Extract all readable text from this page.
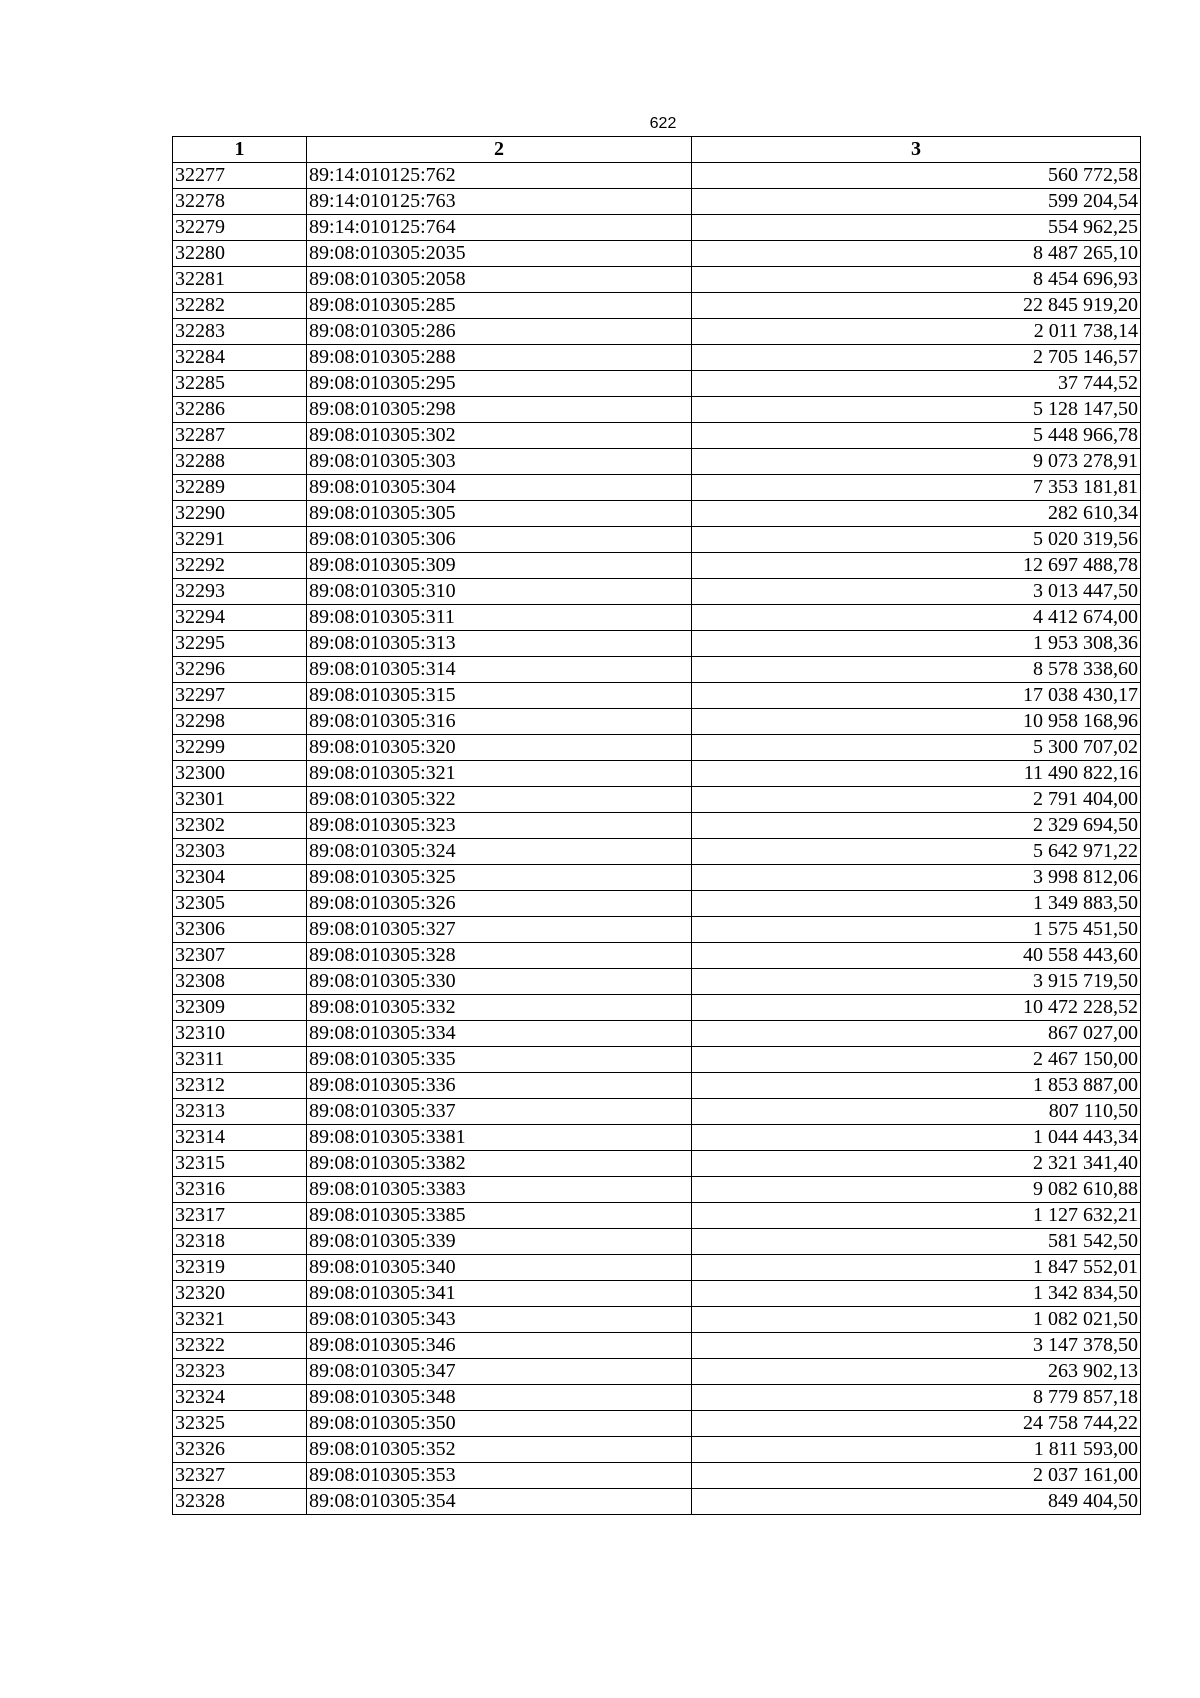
622
1	2	3
32277	89:14:010125:762	560 772,58
32278	89:14:010125:763	599 204,54
32279	89:14:010125:764	554 962,25
32280	89:08:010305:2035	8 487 265,10
32281	89:08:010305:2058	8 454 696,93
32282	89:08:010305:285	22 845 919,20
32283	89:08:010305:286	2 011 738,14
32284	89:08:010305:288	2 705 146,57
32285	89:08:010305:295	37 744,52
32286	89:08:010305:298	5 128 147,50
32287	89:08:010305:302	5 448 966,78
32288	89:08:010305:303	9 073 278,91
32289	89:08:010305:304	7 353 181,81
32290	89:08:010305:305	282 610,34
32291	89:08:010305:306	5 020 319,56
32292	89:08:010305:309	12 697 488,78
32293	89:08:010305:310	3 013 447,50
32294	89:08:010305:311	4 412 674,00
32295	89:08:010305:313	1 953 308,36
32296	89:08:010305:314	8 578 338,60
32297	89:08:010305:315	17 038 430,17
32298	89:08:010305:316	10 958 168,96
32299	89:08:010305:320	5 300 707,02
32300	89:08:010305:321	11 490 822,16
32301	89:08:010305:322	2 791 404,00
32302	89:08:010305:323	2 329 694,50
32303	89:08:010305:324	5 642 971,22
32304	89:08:010305:325	3 998 812,06
32305	89:08:010305:326	1 349 883,50
32306	89:08:010305:327	1 575 451,50
32307	89:08:010305:328	40 558 443,60
32308	89:08:010305:330	3 915 719,50
32309	89:08:010305:332	10 472 228,52
32310	89:08:010305:334	867 027,00
32311	89:08:010305:335	2 467 150,00
32312	89:08:010305:336	1 853 887,00
32313	89:08:010305:337	807 110,50
32314	89:08:010305:3381	1 044 443,34
32315	89:08:010305:3382	2 321 341,40
32316	89:08:010305:3383	9 082 610,88
32317	89:08:010305:3385	1 127 632,21
32318	89:08:010305:339	581 542,50
32319	89:08:010305:340	1 847 552,01
32320	89:08:010305:341	1 342 834,50
32321	89:08:010305:343	1 082 021,50
32322	89:08:010305:346	3 147 378,50
32323	89:08:010305:347	263 902,13
32324	89:08:010305:348	8 779 857,18
32325	89:08:010305:350	24 758 744,22
32326	89:08:010305:352	1 811 593,00
32327	89:08:010305:353	2 037 161,00
32328	89:08:010305:354	849 404,50
